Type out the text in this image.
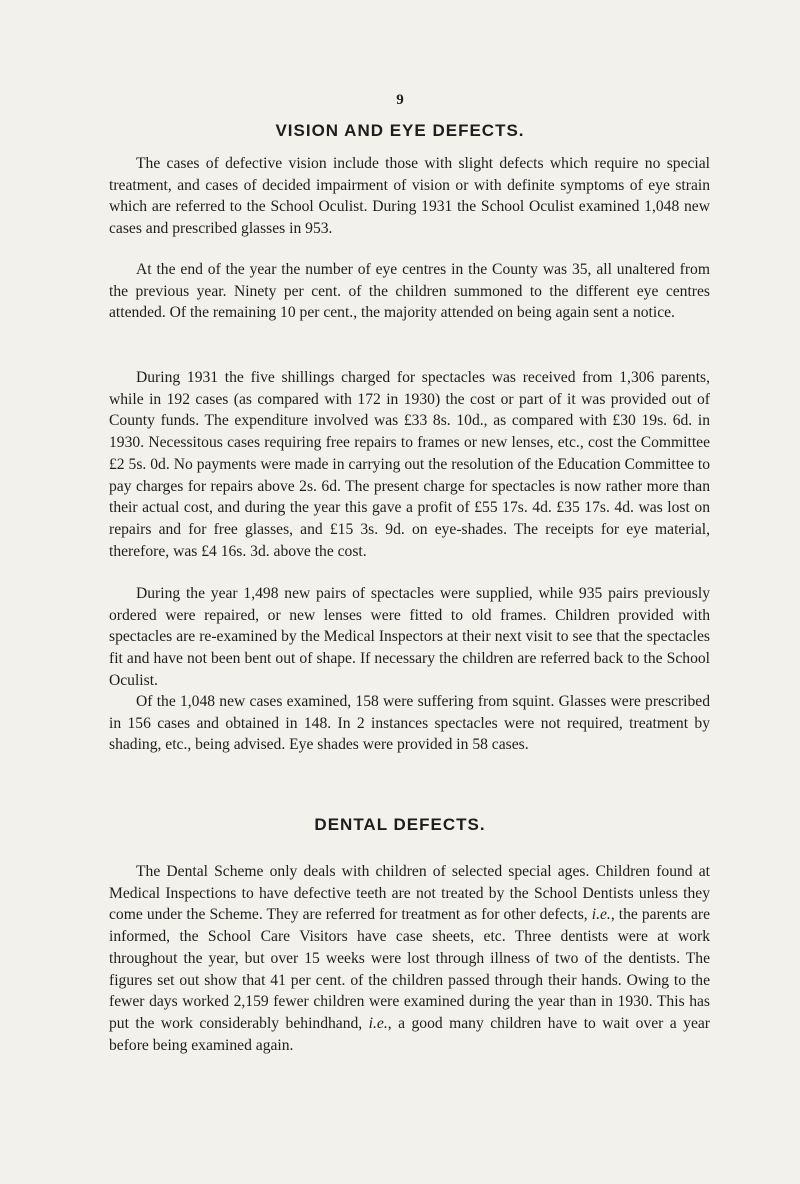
9
VISION AND EYE DEFECTS.

The cases of defective vision include those with slight defects which require no special treatment, and cases of decided impairment of vision or with definite symptoms of eye strain which are referred to the School Oculist. During 1931 the School Oculist examined 1,048 new cases and prescribed glasses in 953.

At the end of the year the number of eye centres in the County was 35, all unaltered from the previous year. Ninety per cent. of the children summoned to the different eye centres attended. Of the remaining 10 per cent., the majority attended on being again sent a notice.

During 1931 the five shillings charged for spectacles was received from 1,306 parents, while in 192 cases (as compared with 172 in 1930) the cost or part of it was provided out of County funds. The expenditure involved was £33 8s. 10d., as compared with £30 19s. 6d. in 1930. Necessitous cases requiring free repairs to frames or new lenses, etc., cost the Committee £2 5s. 0d. No payments were made in carrying out the resolution of the Education Committee to pay charges for repairs above 2s. 6d. The present charge for spectacles is now rather more than their actual cost, and during the year this gave a profit of £55 17s. 4d. £35 17s. 4d. was lost on repairs and for free glasses, and £15 3s. 9d. on eye-shades. The receipts for eye material, therefore, was £4 16s. 3d. above the cost.

During the year 1,498 new pairs of spectacles were supplied, while 935 pairs previously ordered were repaired, or new lenses were fitted to old frames. Children provided with spectacles are re-examined by the Medical Inspectors at their next visit to see that the spectacles fit and have not been bent out of shape. If necessary the children are referred back to the School Oculist.

Of the 1,048 new cases examined, 158 were suffering from squint. Glasses were prescribed in 156 cases and obtained in 148. In 2 instances spectacles were not required, treatment by shading, etc., being advised. Eye shades were provided in 58 cases.

DENTAL DEFECTS.

The Dental Scheme only deals with children of selected special ages. Children found at Medical Inspections to have defective teeth are not treated by the School Dentists unless they come under the Scheme. They are referred for treatment as for other defects, i.e., the parents are informed, the School Care Visitors have case sheets, etc. Three dentists were at work throughout the year, but over 15 weeks were lost through illness of two of the dentists. The figures set out show that 41 per cent. of the children passed through their hands. Owing to the fewer days worked 2,159 fewer children were examined during the year than in 1930. This has put the work considerably behindhand, i.e., a good many children have to wait over a year before being examined again.
